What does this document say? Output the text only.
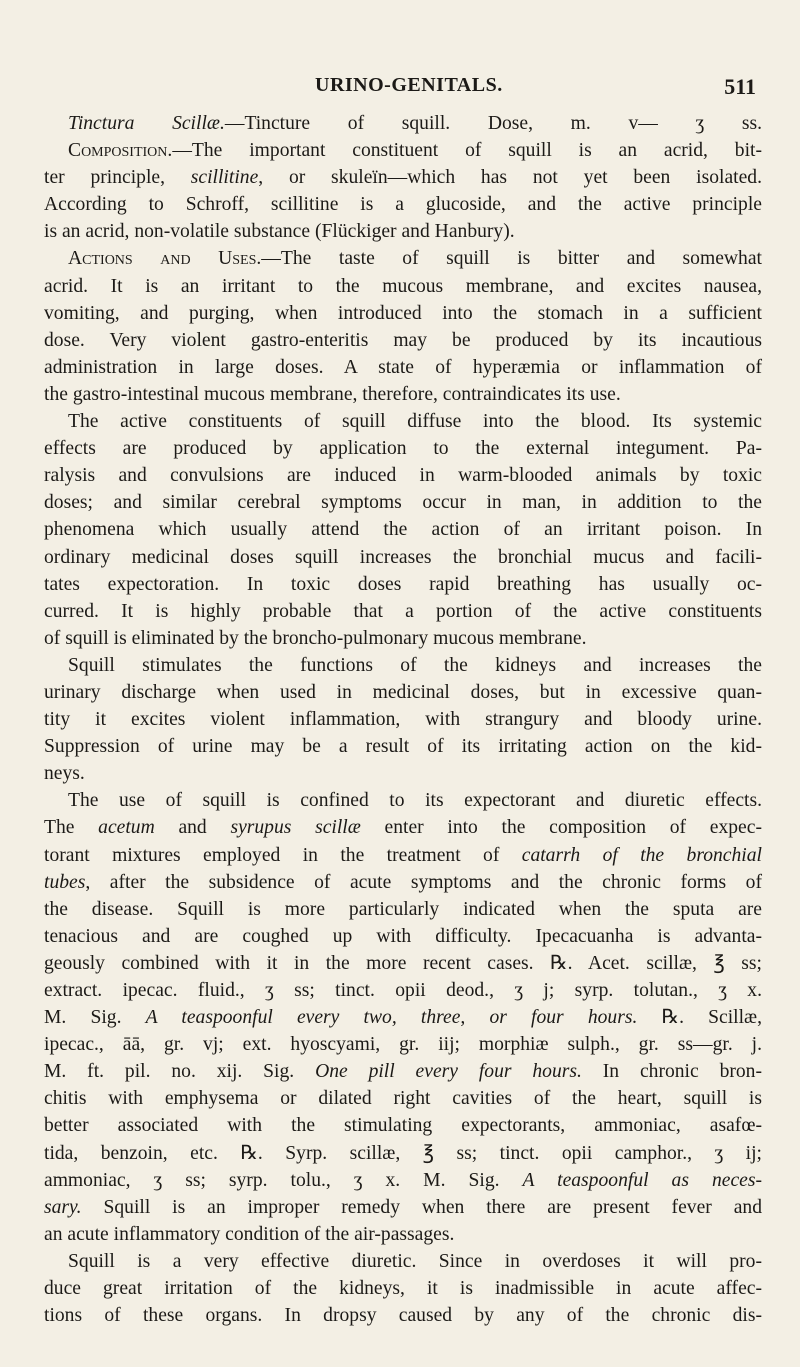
URINO-GENITALS.	511
Tinctura Scillæ.—Tincture of squill. Dose, m. v— ʒ ss.
Composition.—The important constituent of squill is an acrid, bit-
ter principle, scillitine, or skuleïn—which has not yet been isolated.
According to Schroff, scillitine is a glucoside, and the active principle
is an acrid, non-volatile substance (Flückiger and Hanbury).
Actions and Uses.—The taste of squill is bitter and somewhat
acrid. It is an irritant to the mucous membrane, and excites nausea,
vomiting, and purging, when introduced into the stomach in a sufficient
dose. Very violent gastro-enteritis may be produced by its incautious
administration in large doses. A state of hyperæmia or inflammation of
the gastro-intestinal mucous membrane, therefore, contraindicates its use.
The active constituents of squill diffuse into the blood. Its systemic
effects are produced by application to the external integument. Pa-
ralysis and convulsions are induced in warm-blooded animals by toxic
doses; and similar cerebral symptoms occur in man, in addition to the
phenomena which usually attend the action of an irritant poison. In
ordinary medicinal doses squill increases the bronchial mucus and facili-
tates expectoration. In toxic doses rapid breathing has usually oc-
curred. It is highly probable that a portion of the active constituents
of squill is eliminated by the broncho-pulmonary mucous membrane.
Squill stimulates the functions of the kidneys and increases the
urinary discharge when used in medicinal doses, but in excessive quan-
tity it excites violent inflammation, with strangury and bloody urine.
Suppression of urine may be a result of its irritating action on the kid-
neys.
The use of squill is confined to its expectorant and diuretic effects.
The acetum and syrupus scillæ enter into the composition of expec-
torant mixtures employed in the treatment of catarrh of the bronchial
tubes, after the subsidence of acute symptoms and the chronic forms of
the disease. Squill is more particularly indicated when the sputa are
tenacious and are coughed up with difficulty. Ipecacuanha is advanta-
geously combined with it in the more recent cases. ℞. Acet. scillæ, ℥ ss;
extract. ipecac. fluid., ʒ ss; tinct. opii deod., ʒ j; syrp. tolutan., ʒ x.
M. Sig. A teaspoonful every two, three, or four hours. ℞. Scillæ,
ipecac., āā, gr. vj; ext. hyoscyami, gr. iij; morphiæ sulph., gr. ss—gr. j.
M. ft. pil. no. xij. Sig. One pill every four hours. In chronic bron-
chitis with emphysema or dilated right cavities of the heart, squill is
better associated with the stimulating expectorants, ammoniac, asafœ-
tida, benzoin, etc. ℞. Syrp. scillæ, ℥ ss; tinct. opii camphor., ʒ ij;
ammoniac, ʒ ss; syrp. tolu., ʒ x. M. Sig. A teaspoonful as neces-
sary. Squill is an improper remedy when there are present fever and
an acute inflammatory condition of the air-passages.
Squill is a very effective diuretic. Since in overdoses it will pro-
duce great irritation of the kidneys, it is inadmissible in acute affec-
tions of these organs. In dropsy caused by any of the chronic dis-
